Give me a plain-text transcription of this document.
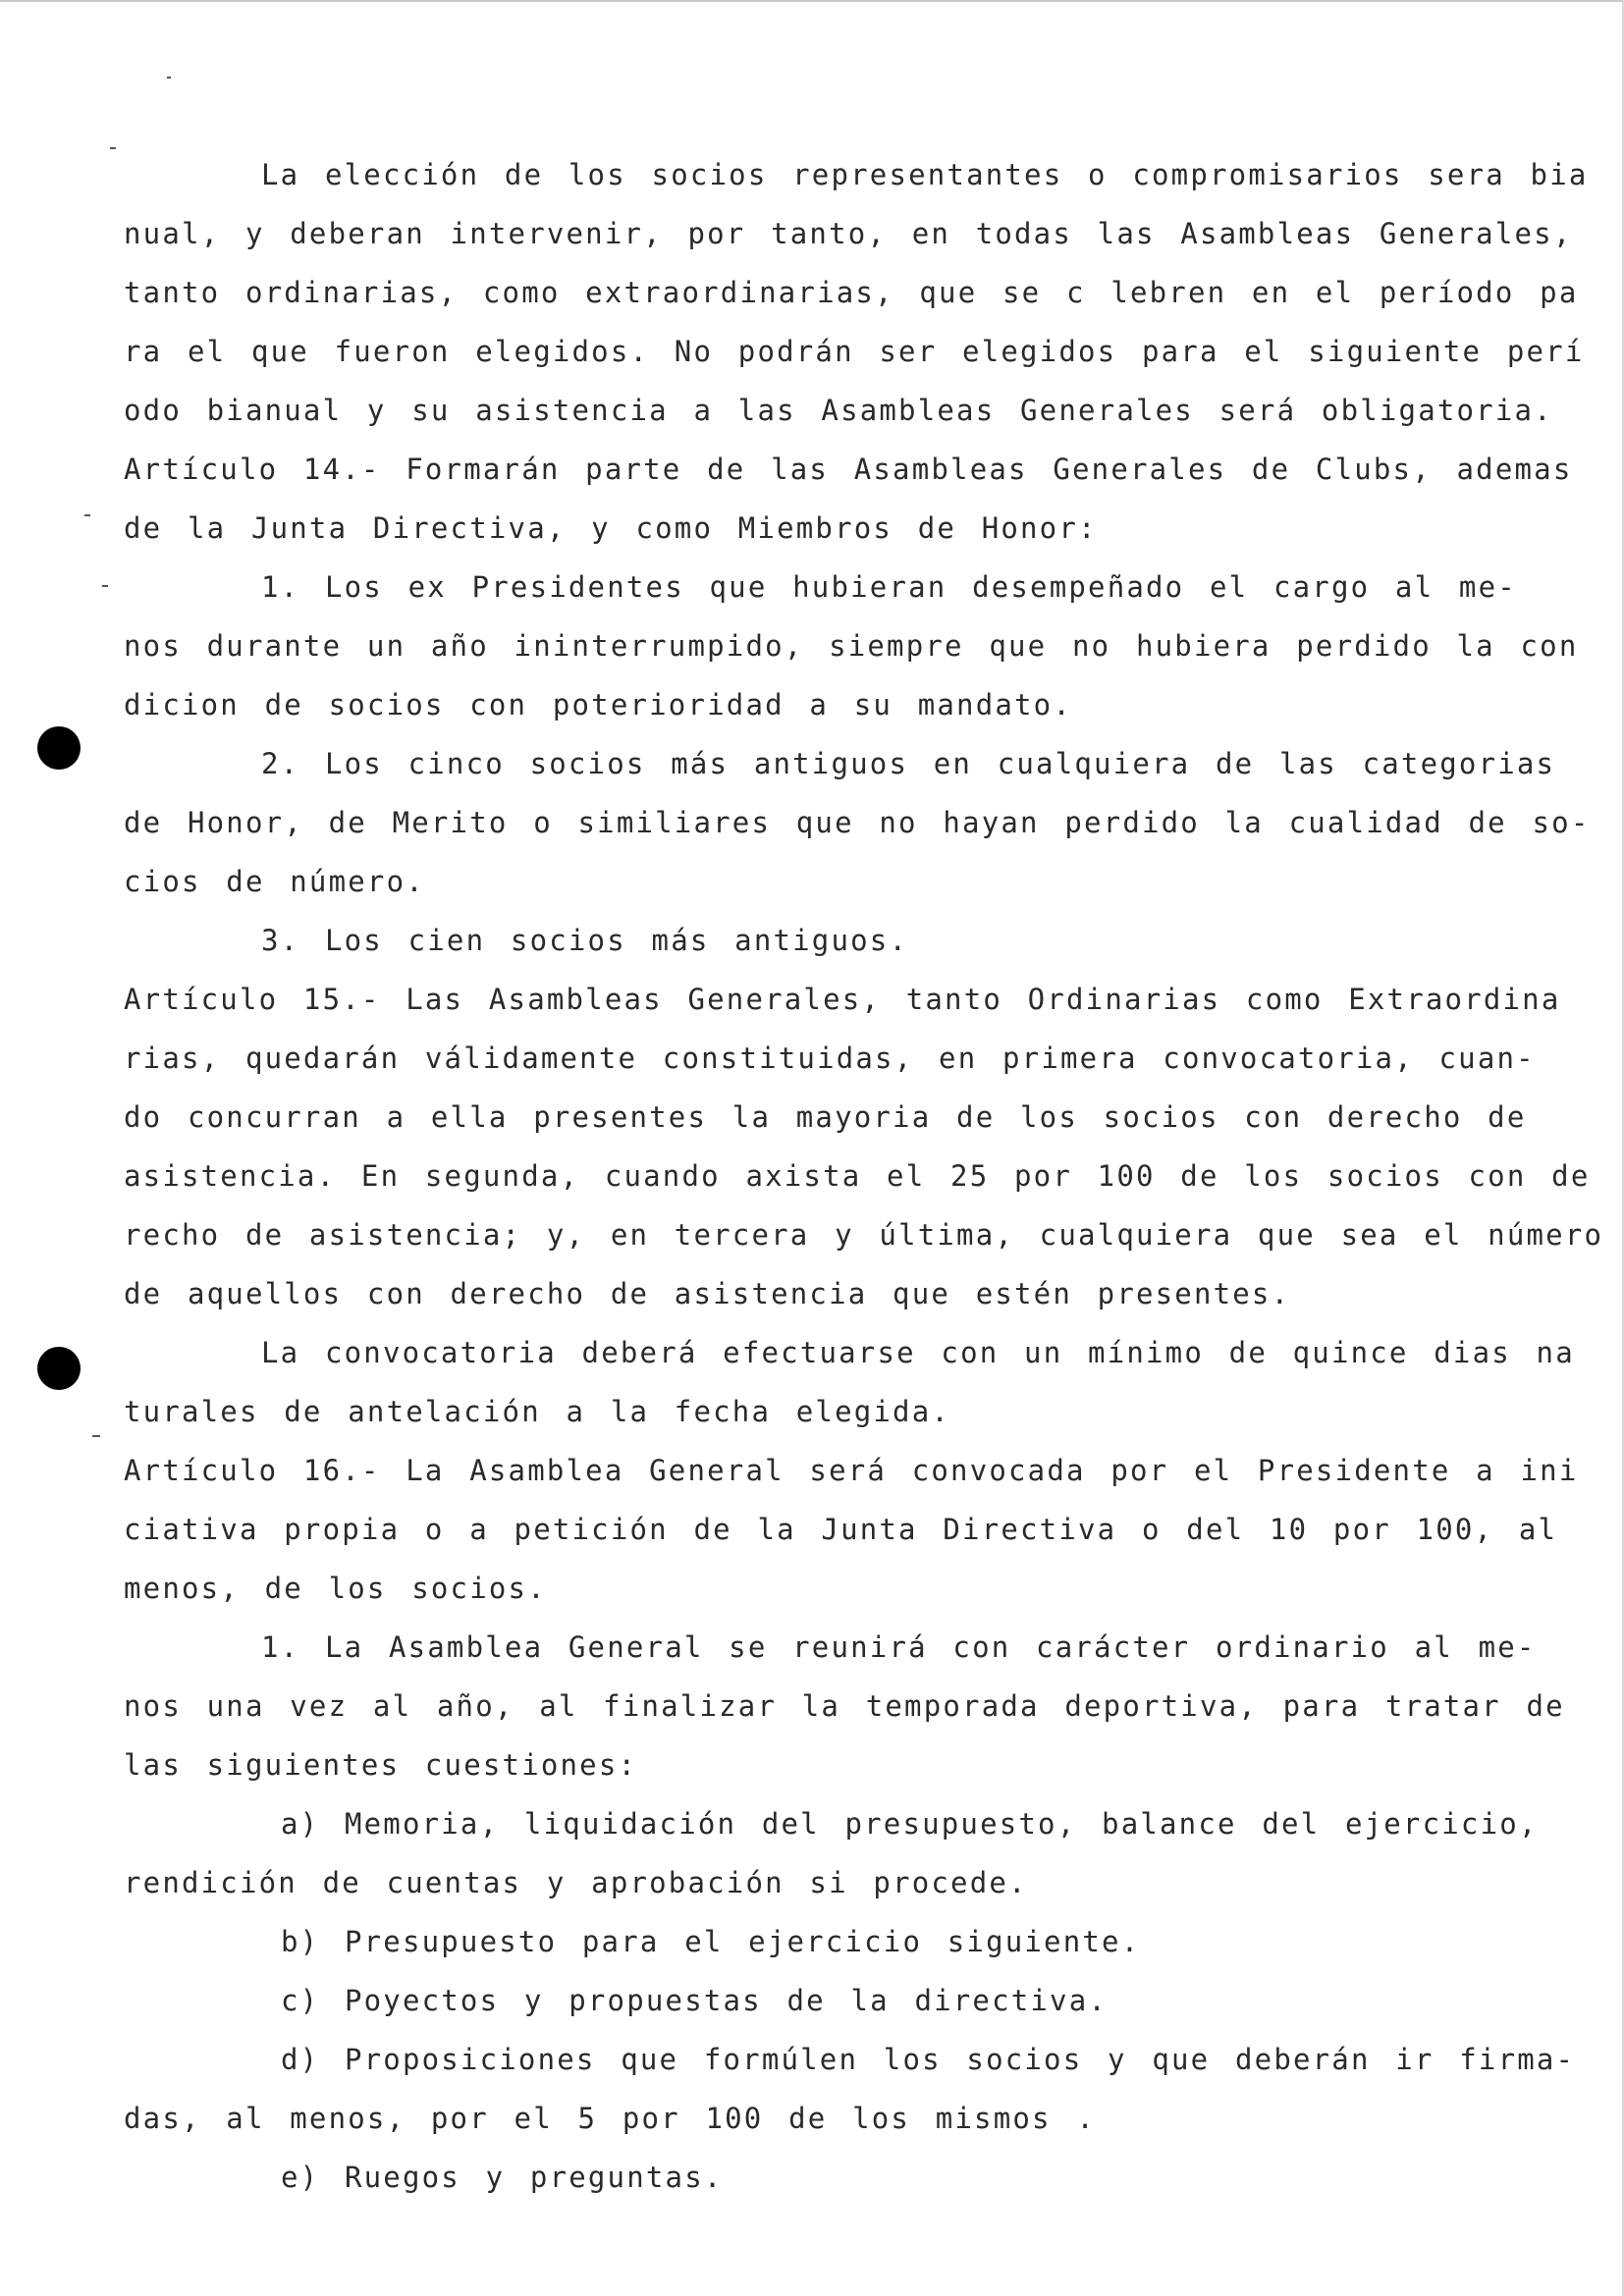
La elección de los socios representantes o compromisarios sera bia
nual, y deberan intervenir, por tanto, en todas las Asambleas Generales,
tanto ordinarias, como extraordinarias, que se c lebren en el período pa
ra el que fueron elegidos. No podrán ser elegidos para el siguiente perí
odo bianual y su asistencia a las Asambleas Generales será obligatoria.
Artículo 14.- Formarán parte de las Asambleas Generales de Clubs, ademas
de la Junta Directiva, y como Miembros de Honor:
1. Los ex Presidentes que hubieran desempeñado el cargo al me-
nos durante un año ininterrumpido, siempre que no hubiera perdido la con
dicion de socios con poterioridad a su mandato.
2. Los cinco socios más antiguos en cualquiera de las categorias
de Honor, de Merito o similiares que no hayan perdido la cualidad de so-
cios de número.
3. Los cien socios más antiguos.
Artículo 15.- Las Asambleas Generales, tanto Ordinarias como Extraordina
rias, quedarán válidamente constituidas, en primera convocatoria, cuan-
do concurran a ella presentes la mayoria de los socios con derecho de
asistencia. En segunda, cuando axista el 25 por 100 de los socios con de
recho de asistencia; y, en tercera y última, cualquiera que sea el número
de aquellos con derecho de asistencia que estén presentes.
La convocatoria deberá efectuarse con un mínimo de quince dias na
turales de antelación a la fecha elegida.
Artículo 16.- La Asamblea General será convocada por el Presidente a ini
ciativa propia o a petición de la Junta Directiva o del 10 por 100, al
menos, de los socios.
1. La Asamblea General se reunirá con carácter ordinario al me-
nos una vez al año, al finalizar la temporada deportiva, para tratar de
las siguientes cuestiones:
a) Memoria, liquidación del presupuesto, balance del ejercicio,
rendición de cuentas y aprobación si procede.
b) Presupuesto para el ejercicio siguiente.
c) Poyectos y propuestas de la directiva.
d) Proposiciones que formúlen los socios y que deberán ir firma-
das, al menos, por el 5 por 100 de los mismos .
e) Ruegos y preguntas.
